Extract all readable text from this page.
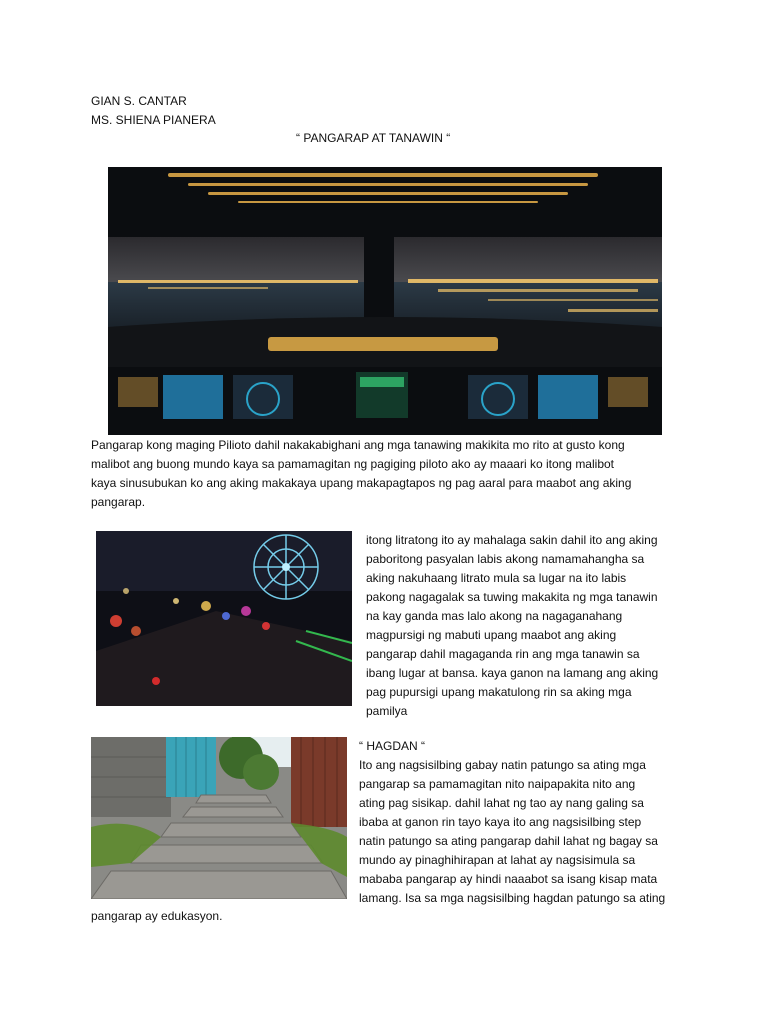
GIAN S. CANTAR
MS. SHIENA PIANERA
“ PANGARAP AT TANAWIN “
Pangarap kong maging Pilioto dahil nakakabighani ang mga tanawing makikita mo rito at gusto kong
malibot ang buong mundo kaya sa pamamagitan ng pagiging piloto ako ay maaari ko itong malibot
kaya sinusubukan ko ang aking makakaya upang makapagtapos ng pag aaral para maabot ang aking
pangarap.
itong litratong ito ay mahalaga sakin dahil ito ang aking
paboritong pasyalan labis akong namamahangha sa
aking nakuhaang litrato mula sa lugar na ito labis
pakong nagagalak sa tuwing makakita ng mga tanawin
na kay ganda mas lalo akong na nagaganahang
magpursigi ng mabuti upang maabot ang aking
pangarap dahil magaganda rin ang mga tanawin sa
ibang lugar at bansa. kaya ganon na lamang ang aking
pag pupursigi upang makatulong rin sa aking mga
pamilya
“ HAGDAN “
Ito ang nagsisilbing gabay natin patungo sa ating mga
pangarap sa pamamagitan nito naipapakita nito ang
ating pag sisikap. dahil lahat ng tao ay nang galing sa
ibaba at ganon rin tayo kaya ito ang nagsisilbing step
natin patungo sa ating pangarap dahil lahat ng bagay sa
mundo ay pinaghihirapan at lahat ay nagsisimula sa
mababa pangarap ay hindi naaabot sa isang kisap mata
lamang. Isa sa mga nagsisilbing hagdan patungo sa ating
pangarap ay edukasyon.
